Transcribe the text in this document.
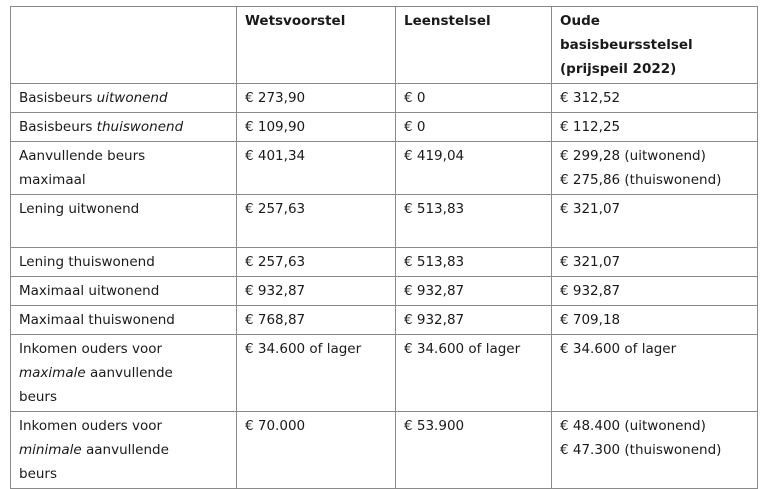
	Wetsvoorstel	Leenstelsel	Oude
basisbeursstelsel
(prijspeil 2022)

Basisbeurs uitwonend	€ 273,90	€ 0	€ 312,52
Basisbeurs thuiswonend	€ 109,90	€ 0	€ 112,25

Aanvullende beurs
maximaal	€ 401,34	€ 419,04	€ 299,28 (uitwonend)
€ 275,86 (thuiswonend)

Lening uitwonend	€ 257,63	€ 513,83	€ 321,07
Lening thuiswonend	€ 257,63	€ 513,83	€ 321,07
Maximaal uitwonend	€ 932,87	€ 932,87	€ 932,87
Maximaal thuiswonend	€ 768,87	€ 932,87	€ 709,18

Inkomen ouders voor
maximale aanvullende
beurs	€ 34.600 of lager	€ 34.600 of lager	€ 34.600 of lager

Inkomen ouders voor
minimale aanvullende
beurs	€ 70.000	€ 53.900	€ 48.400 (uitwonend)
€ 47.300 (thuiswonend)
